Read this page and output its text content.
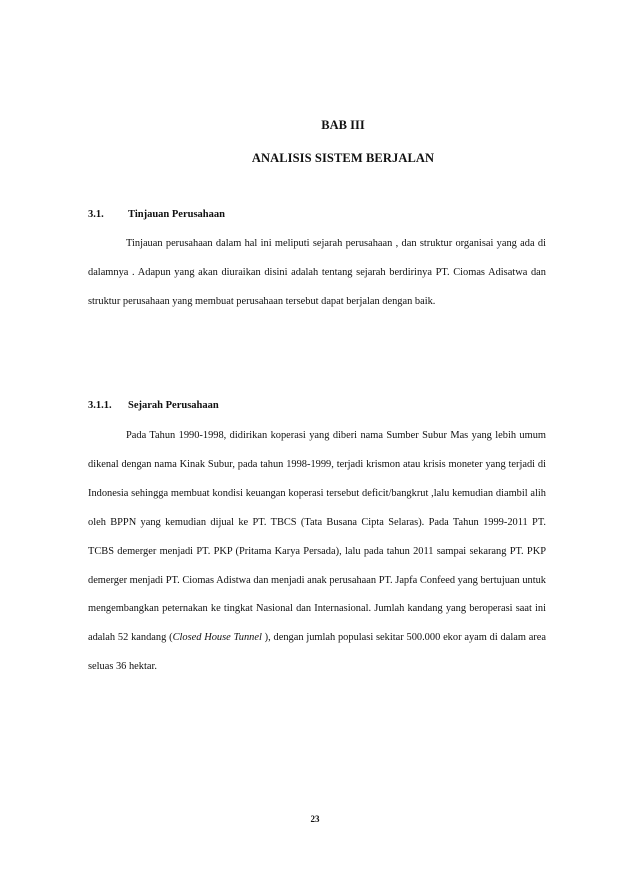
BAB III
ANALISIS SISTEM BERJALAN
3.1. Tinjauan Perusahaan

Tinjauan perusahaan dalam hal ini meliputi sejarah perusahaan , dan struktur organisai yang ada di dalamnya . Adapun yang akan diuraikan disini adalah tentang sejarah berdirinya PT. Ciomas Adisatwa dan struktur perusahaan yang membuat perusahaan tersebut dapat berjalan dengan baik.

3.1.1. Sejarah Perusahaan

Pada Tahun 1990-1998, didirikan koperasi yang diberi nama Sumber Subur Mas yang lebih umum dikenal dengan nama Kinak Subur, pada tahun 1998-1999, terjadi krismon atau krisis moneter yang terjadi di Indonesia sehingga membuat kondisi keuangan koperasi tersebut deficit/bangkrut ,lalu kemudian diambil alih oleh BPPN yang kemudian dijual ke PT. TBCS (Tata Busana Cipta Selaras). Pada Tahun 1999-2011 PT. TCBS demerger menjadi PT. PKP (Pritama Karya Persada), lalu pada tahun 2011 sampai sekarang PT. PKP demerger menjadi PT. Ciomas Adistwa dan menjadi anak perusahaan PT. Japfa Confeed yang bertujuan untuk mengembangkan peternakan ke tingkat Nasional dan Internasional. Jumlah kandang yang beroperasi saat ini adalah 52 kandang (Closed House Tunnel ), dengan jumlah populasi sekitar 500.000 ekor ayam di dalam area seluas 36 hektar.

23
